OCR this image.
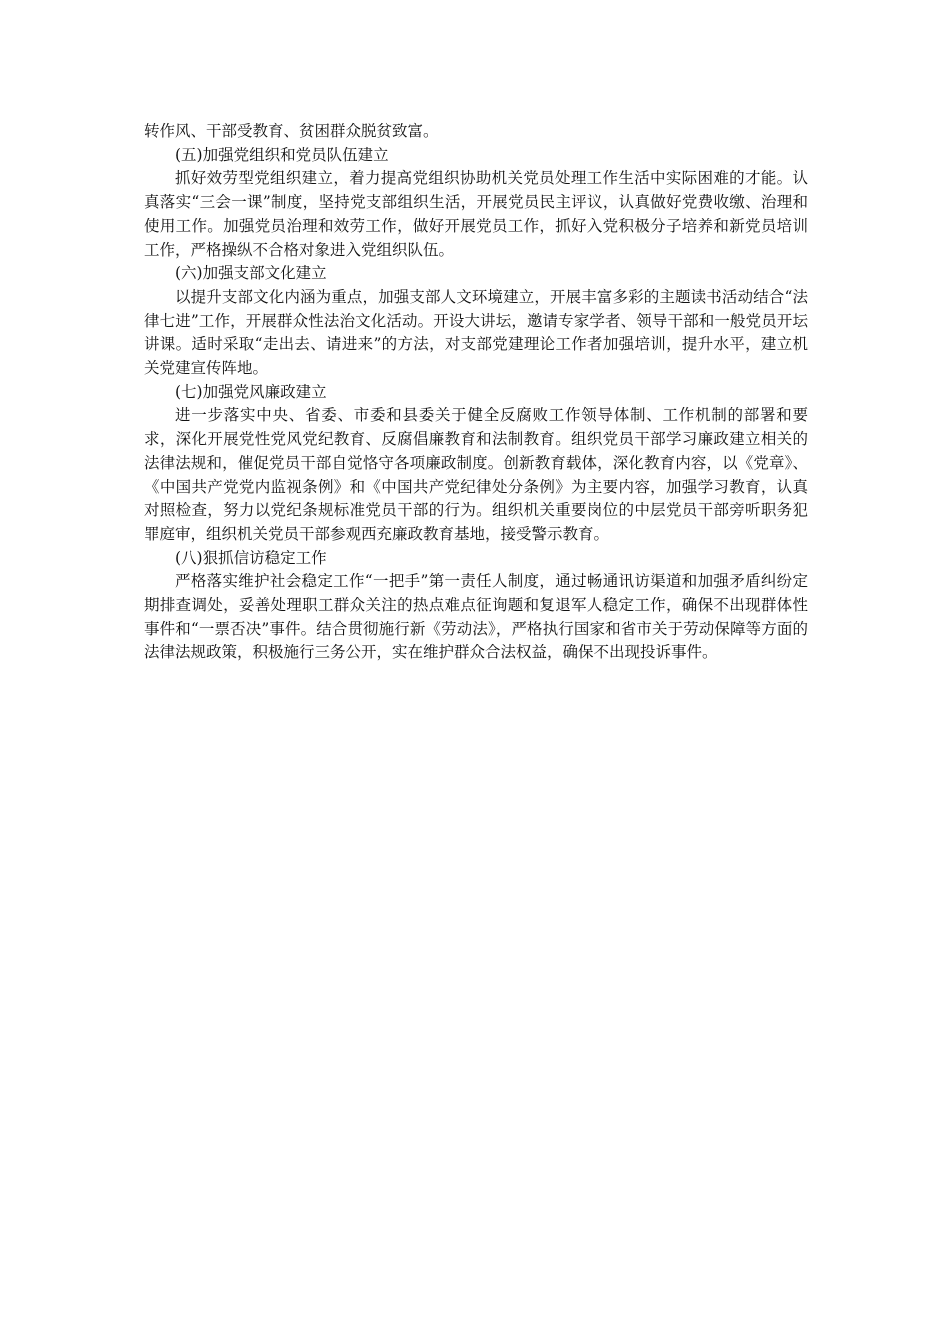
转作风、干部受教育、贫困群众脱贫致富。

(五)加强党组织和党员队伍建立

抓好效劳型党组织建立，着力提高党组织协助机关党员处理工作生活中实际困难的才能。认真落实“三会一课”制度，坚持党支部组织生活，开展党员民主评议，认真做好党费收缴、治理和使用工作。加强党员治理和效劳工作，做好开展党员工作，抓好入党积极分子培养和新党员培训工作，严格操纵不合格对象进入党组织队伍。

(六)加强支部文化建立

以提升支部文化内涵为重点，加强支部人文环境建立，开展丰富多彩的主题读书活动结合“法律七进”工作，开展群众性法治文化活动。开设大讲坛，邀请专家学者、领导干部和一般党员开坛讲课。适时采取“走出去、请进来”的方法，对支部党建理论工作者加强培训，提升水平，建立机关党建宣传阵地。

(七)加强党风廉政建立

进一步落实中央、省委、市委和县委关于健全反腐败工作领导体制、工作机制的部署和要求，深化开展党性党风党纪教育、反腐倡廉教育和法制教育。组织党员干部学习廉政建立相关的法律法规和，催促党员干部自觉恪守各项廉政制度。创新教育载体，深化教育内容，以《党章》、《中国共产党党内监视条例》和《中国共产党纪律处分条例》为主要内容，加强学习教育，认真对照检查，努力以党纪条规标准党员干部的行为。组织机关重要岗位的中层党员干部旁听职务犯罪庭审，组织机关党员干部参观西充廉政教育基地，接受警示教育。

(八)狠抓信访稳定工作

严格落实维护社会稳定工作“一把手”第一责任人制度，通过畅通讯访渠道和加强矛盾纠纷定期排查调处，妥善处理职工群众关注的热点难点征询题和复退军人稳定工作，确保不出现群体性事件和“一票否决”事件。结合贯彻施行新《劳动法》，严格执行国家和省市关于劳动保障等方面的法律法规政策，积极施行三务公开，实在维护群众合法权益，确保不出现投诉事件。
